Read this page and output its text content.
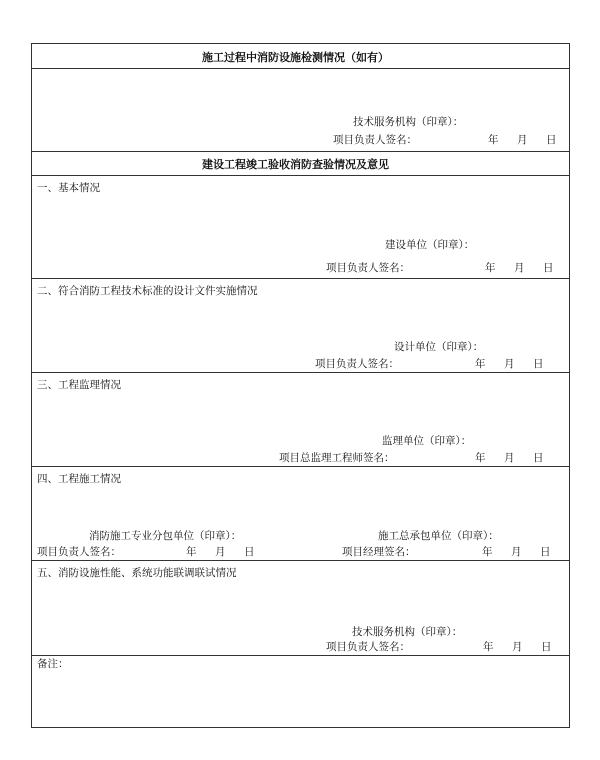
施工过程中消防设施检测情况（如有）
技术服务机构（印章）：
项目负责人签名：	年 月 日
建设工程竣工验收消防查验情况及意见
一、基本情况
建设单位（印章）：
项目负责人签名：	年 月 日
二、符合消防工程技术标准的设计文件实施情况
设计单位（印章）：
项目负责人签名：	年 月 日
三、工程监理情况
监理单位（印章）：
项目总监理工程师签名：	年 月 日
四、工程施工情况
消防施工专业分包单位（印章）：
项目负责人签名：	年 月 日
施工总承包单位（印章）：
项目经理签名：	年 月 日
五、消防设施性能、系统功能联调联试情况
技术服务机构（印章）：
项目负责人签名：	年 月 日
备注：
